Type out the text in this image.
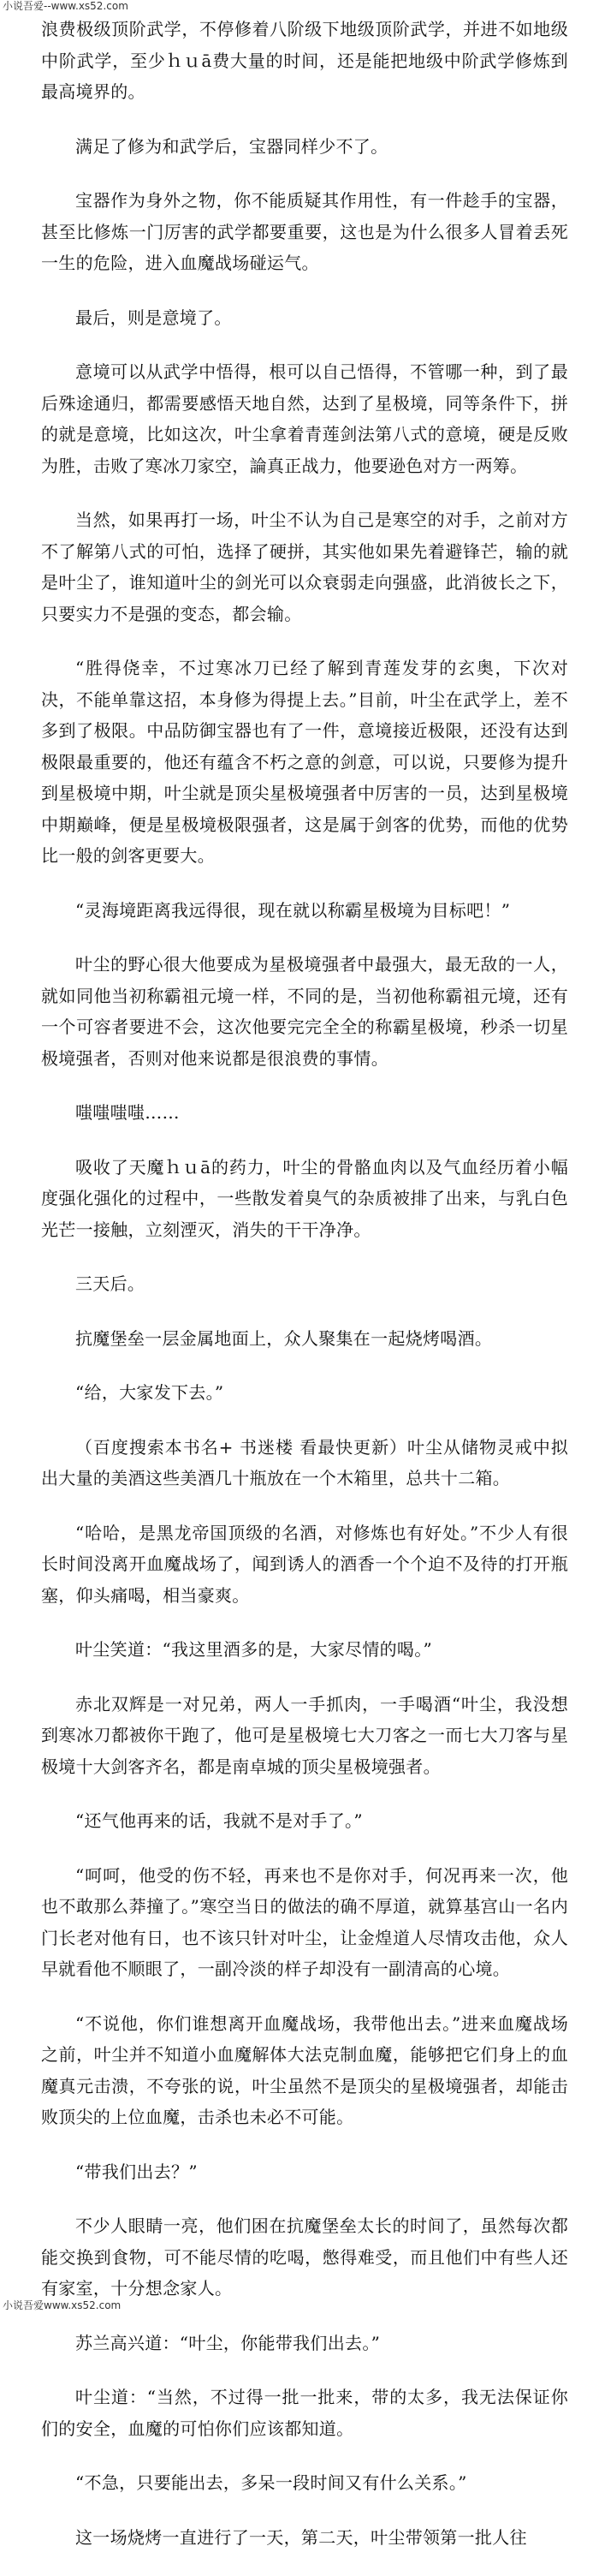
小说吾爱--www.xs52.com

浪费极级顶阶武学，不停修着八阶级下地级顶阶武学，并进不如地级中阶武学，至少ｈｕā费大量的时间，还是能把地级中阶武学修炼到最高境界的。

满足了修为和武学后，宝器同样少不了。

宝器作为身外之物，你不能质疑其作用性，有一件趁手的宝器，甚至比修炼一门厉害的武学都要重要，这也是为什么很多人冒着丢死一生的危险，进入血魔战场碰运气。

最后，则是意境了。

意境可以从武学中悟得，根可以自己悟得，不管哪一种，到了最后殊途通归，都需要感悟天地自然，达到了星极境，同等条件下，拼的就是意境，比如这次，叶尘拿着青莲剑法第八式的意境，硬是反败为胜，击败了寒冰刀家空，論真正战力，他要逊色对方一两筹。

当然，如果再打一场，叶尘不认为自己是寒空的对手，之前对方不了解第八式的可怕，选择了硬拼，其实他如果先着避锋芒，输的就是叶尘了，谁知道叶尘的剑光可以众衰弱走向强盛，此消彼长之下，只要实力不是强的变态，都会输。

“胜得侥幸，不过寒冰刀已经了解到青莲发芽的玄奥，下次对决，不能单靠这招，本身修为得提上去。”目前，叶尘在武学上，差不多到了极限。中品防御宝器也有了一件，意境接近极限，还没有达到极限最重要的，他还有蕴含不朽之意的剑意，可以说，只要修为提升到星极境中期，叶尘就是顶尖星极境强者中厉害的一员，达到星极境中期巅峰，便是星极境极限强者，这是属于剑客的优势，而他的优势比一般的剑客更要大。

“灵海境距离我远得很，现在就以称霸星极境为目标吧！”

叶尘的野心很大他要成为星极境强者中最强大，最无敌的一人，就如同他当初称霸祖元境一样，不同的是，当初他称霸祖元境，还有一个可容者要进不会，这次他要完完全全的称霸星极境，秒杀一切星极境强者，否则对他来说都是很浪费的事情。

嗤嗤嗤嗤……

吸收了天魔ｈｕā的药力，叶尘的骨骼血肉以及气血经历着小幅度强化强化的过程中，一些散发着臭气的杂质被排了出来，与乳白色光芒一接触，立刻湮灭，消失的干干净净。

三天后。

抗魔堡垒一层金属地面上，众人聚集在一起烧烤喝酒。

“给，大家发下去。”

（百度搜索本书名+ 书迷楼 看最快更新）叶尘从储物灵戒中拟出大量的美酒这些美酒几十瓶放在一个木箱里，总共十二箱。

“哈哈，是黑龙帝国顶级的名酒，对修炼也有好处。”不少人有很长时间没离开血魔战场了，闻到诱人的酒香一个个迫不及待的打开瓶塞，仰头痛喝，相当豪爽。

叶尘笑道：“我这里酒多的是，大家尽情的喝。”

赤北双辉是一对兄弟，两人一手抓肉，一手喝酒“叶尘，我没想到寒冰刀都被你干跑了，他可是星极境七大刀客之一而七大刀客与星极境十大剑客齐名，都是南卓城的顶尖星极境强者。

“还气他再来的话，我就不是对手了。”

“呵呵，他受的伤不轻，再来也不是你对手，何况再来一次，他也不敢那么莽撞了。”寒空当日的做法的确不厚道，就算基宫山一名内门长老对他有日，也不该只针对叶尘，让金煌道人尽情攻击他，众人早就看他不顺眼了，一副冷淡的样子却没有一副清高的心境。

“不说他，你们谁想离开血魔战场，我带他出去。”进来血魔战场之前，叶尘并不知道小血魔解体大法克制血魔，能够把它们身上的血魔真元击溃，不夸张的说，叶尘虽然不是顶尖的星极境强者，却能击败顶尖的上位血魔，击杀也未必不可能。

“带我们出去？”

不少人眼睛一亮，他们困在抗魔堡垒太长的时间了，虽然每次都能交换到食物，可不能尽情的吃喝，憋得难受，而且他们中有些人还有家室，十分想念家人。

苏兰高兴道：“叶尘，你能带我们出去。”

叶尘道：“当然，不过得一批一批来，带的太多，我无法保证你们的安全，血魔的可怕你们应该都知道。

“不急，只要能出去，多呆一段时间又有什么关系。”

这一场烧烤一直进行了一天，第二天，叶尘带领第一批人往

小说吾爱www.xs52.com
